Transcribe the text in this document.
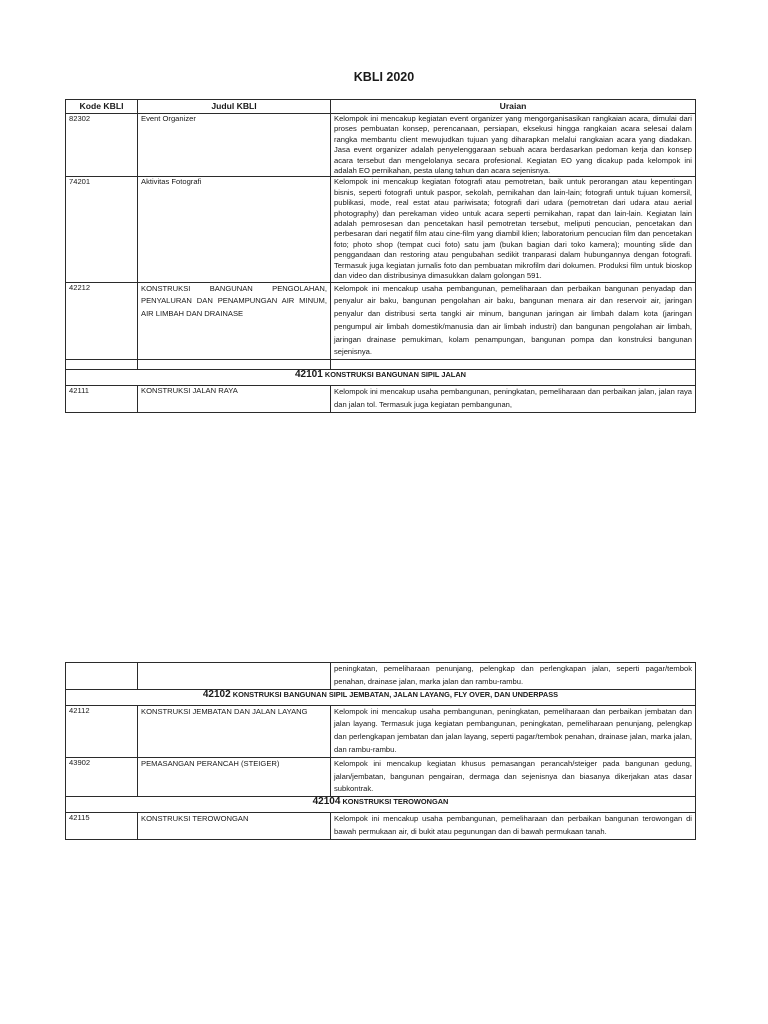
KBLI 2020
Kode KBLI	Judul KBLI	Uraian
82302	Event Organizer	Kelompok ini mencakup kegiatan event organizer yang mengorganisasikan rangkaian acara, dimulai dari proses pembuatan konsep, perencanaan, persiapan, eksekusi hingga rangkaian acara selesai dalam rangka membantu client mewujudkan tujuan yang diharapkan melalui rangkaian acara yang diadakan. Jasa event organizer adalah penyelenggaraan sebuah acara berdasarkan pedoman kerja dan konsep acara tersebut dan mengelolanya secara profesional. Kegiatan EO yang dicakup pada kelompok ini adalah EO pernikahan, pesta ulang tahun dan acara sejenisnya.
74201	Aktivitas Fotografi	Kelompok ini mencakup kegiatan fotografi atau pemotretan, baik untuk perorangan atau kepentingan bisnis, seperti fotografi untuk paspor, sekolah, pernikahan dan lain-lain; fotografi untuk tujuan komersil, publikasi, mode, real estat atau pariwisata; fotografi dari udara (pemotretan dari udara atau aerial photography) dan perekaman video untuk acara seperti pernikahan, rapat dan lain-lain. Kegiatan lain adalah pemrosesan dan pencetakan hasil pemotretan tersebut, meliputi pencucian, pencetakan dan perbesaran dari negatif film atau cine-film yang diambil klien; laboratorium pencucian film dan pencetakan foto; photo shop (tempat cuci foto) satu jam (bukan bagian dari toko kamera); mounting slide dan penggandaan dan restoring atau pengubahan sedikit tranparasi dalam hubungannya dengan fotografi. Termasuk juga kegiatan jurnalis foto dan pembuatan mikrofilm dari dokumen. Produksi film untuk bioskop dan video dan distribusinya dimasukkan dalam golongan 591.
42212	KONSTRUKSI BANGUNAN PENGOLAHAN, PENYALURAN DAN PENAMPUNGAN AIR MINUM, AIR LIMBAH DAN DRAINASE	Kelompok ini mencakup usaha pembangunan, pemeliharaan dan perbaikan bangunan penyadap dan penyalur air baku, bangunan pengolahan air baku, bangunan menara air dan reservoir air, jaringan penyalur dan distribusi serta tangki air minum, bangunan jaringan air limbah dalam kota (jaringan pengumpul air limbah domestik/manusia dan air limbah industri) dan bangunan pengolahan air limbah, jaringan drainase pemukiman, kolam penampungan, bangunan pompa dan konstruksi bangunan sejenisnya.

42101 KONSTRUKSI BANGUNAN SIPIL JALAN		
42111	KONSTRUKSI JALAN RAYA	Kelompok ini mencakup usaha pembangunan, peningkatan, pemeliharaan dan perbaikan jalan, jalan raya dan jalan tol. Termasuk juga kegiatan pembangunan,
		peningkatan, pemeliharaan penunjang, pelengkap dan perlengkapan jalan, seperti pagar/tembok penahan, drainase jalan, marka jalan dan rambu-rambu.
42102 KONSTRUKSI BANGUNAN SIPIL JEMBATAN, JALAN LAYANG, FLY OVER, DAN UNDERPASS		
42112	KONSTRUKSI JEMBATAN DAN JALAN LAYANG	Kelompok ini mencakup usaha pembangunan, peningkatan, pemeliharaan dan perbaikan jembatan dan jalan layang. Termasuk juga kegiatan pembangunan, peningkatan, pemeliharaan penunjang, pelengkap dan perlengkapan jembatan dan jalan layang, seperti pagar/tembok penahan, drainase jalan, marka jalan, dan rambu-rambu.
43902	PEMASANGAN PERANCAH (STEIGER)	Kelompok ini mencakup kegiatan khusus pemasangan perancah/steiger pada bangunan gedung, jalan/jembatan, bangunan pengairan, dermaga dan sejenisnya dan biasanya dikerjakan atas dasar subkontrak.
42104 KONSTRUKSI TEROWONGAN		
42115	KONSTRUKSI TEROWONGAN	Kelompok ini mencakup usaha pembangunan, pemeliharaan dan perbaikan bangunan terowongan di bawah permukaan air, di bukit atau pegunungan dan di bawah permukaan tanah.
